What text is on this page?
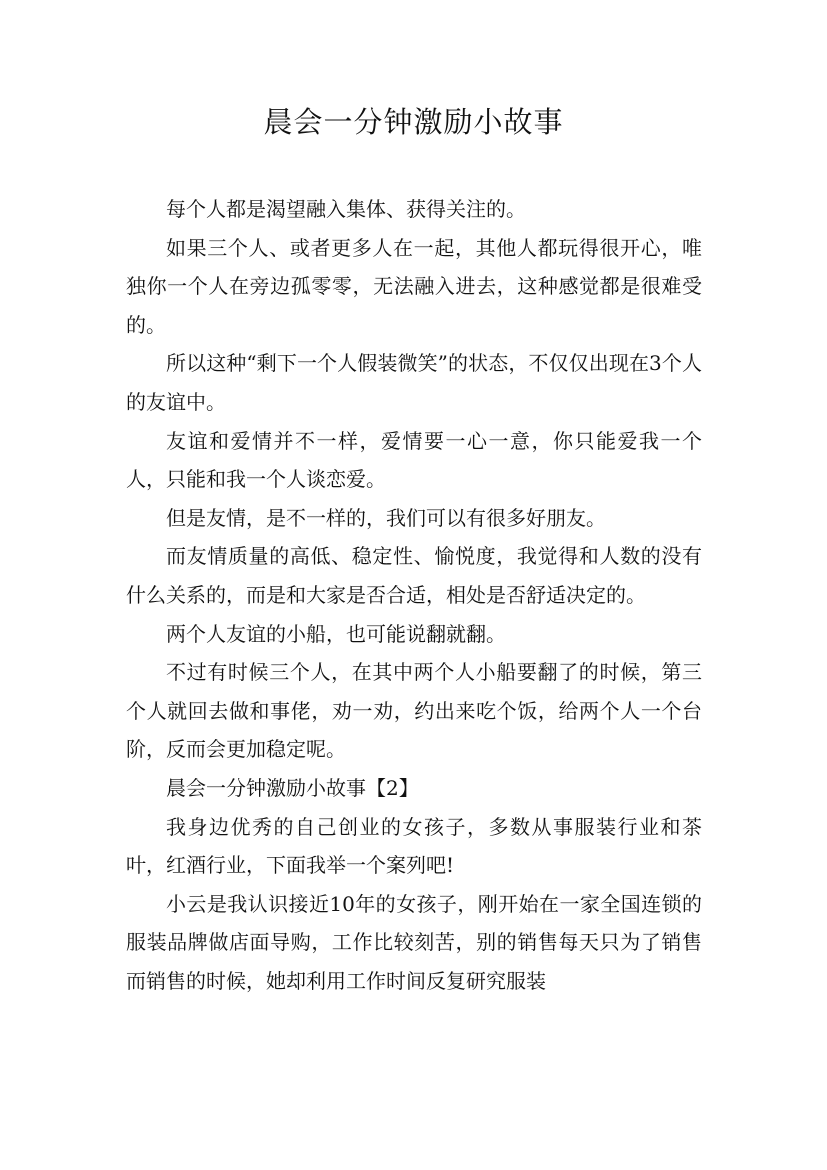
晨会一分钟激励小故事

每个人都是渴望融入集体、获得关注的。

如果三个人、或者更多人在一起，其他人都玩得很开心，唯独你一个人在旁边孤零零，无法融入进去，这种感觉都是很难受的。

所以这种“剩下一个人假装微笑”的状态，不仅仅出现在3个人的友谊中。

友谊和爱情并不一样，爱情要一心一意，你只能爱我一个人，只能和我一个人谈恋爱。

但是友情，是不一样的，我们可以有很多好朋友。

而友情质量的高低、稳定性、愉悦度，我觉得和人数的没有什么关系的，而是和大家是否合适，相处是否舒适决定的。

两个人友谊的小船，也可能说翻就翻。

不过有时候三个人，在其中两个人小船要翻了的时候，第三个人就回去做和事佬，劝一劝，约出来吃个饭，给两个人一个台阶，反而会更加稳定呢。

晨会一分钟激励小故事【2】

我身边优秀的自己创业的女孩子，多数从事服装行业和茶叶，红酒行业，下面我举一个案列吧!

小云是我认识接近10年的女孩子，刚开始在一家全国连锁的服装品牌做店面导购，工作比较刻苦，别的销售每天只为了销售而销售的时候，她却利用工作时间反复研究服装
